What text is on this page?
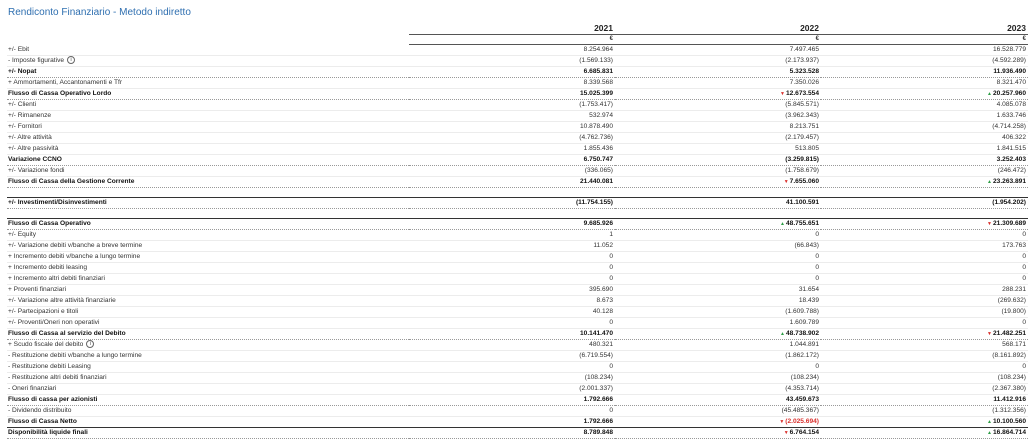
Rendiconto Finanziario - Metodo indiretto
	2021	2022	2023
	€	€	€
+/- Ebit	8.254.964	7.497.465	16.528.779
- Imposte figurative i	(1.569.133)	(2.173.937)	(4.592.289)
+/- Nopat	6.685.831	5.323.528	11.936.490
+ Ammortamenti, Accantonamenti e Tfr	8.339.568	7.350.026	8.321.470
Flusso di Cassa Operativo Lordo	15.025.399	▼ 12.673.554	▲ 20.257.960
+/- Clienti	(1.753.417)	(5.845.571)	4.085.078
+/- Rimanenze	532.974	(3.962.343)	1.633.746
+/- Fornitori	10.878.490	8.213.751	(4.714.258)
+/- Altre attività	(4.762.736)	(2.179.457)	406.322
+/- Altre passività	1.855.436	513.805	1.841.515
Variazione CCNO	6.750.747	(3.259.815)	3.252.403
+/- Variazione fondi	(336.065)	(1.758.679)	(246.472)
Flusso di Cassa della Gestione Corrente	21.440.081	▼ 7.655.060	▲ 23.263.891

+/- Investimenti/Disinvestimenti	(11.754.155)	41.100.591	(1.954.202)

Flusso di Cassa Operativo	9.685.926	▲ 48.755.651	▼ 21.309.689
+/- Equity	1	0	0
+/- Variazione debiti v/banche a breve termine	11.052	(66.843)	173.763
+ Incremento debiti v/banche a lungo termine	0	0	0
+ Incremento debiti leasing	0	0	0
+ Incremento altri debiti finanziari	0	0	0
+ Proventi finanziari	395.690	31.654	288.231
+/- Variazione altre attività finanziarie	8.673	18.439	(269.632)
+/- Partecipazioni e titoli	40.128	(1.609.788)	(19.800)
+/- Proventi/Oneri non operativi	0	1.609.789	0
Flusso di Cassa al servizio del Debito	10.141.470	▲ 48.738.902	▼ 21.482.251
+ Scudo fiscale del debito i	480.321	1.044.891	568.171
- Restituzione debiti v/banche a lungo termine	(6.719.554)	(1.862.172)	(8.161.892)
- Restituzione debiti Leasing	0	0	0
- Restituzione altri debiti finanziari	(108.234)	(108.234)	(108.234)
- Oneri finanziari	(2.001.337)	(4.353.714)	(2.367.380)
Flusso di cassa per azionisti	1.792.666	43.459.673	11.412.916
- Dividendo distribuito	0	(45.485.367)	(1.312.356)
Flusso di Cassa Netto	1.792.666	▼ (2.025.694)	▲ 10.100.560
Disponibilità liquide finali	8.789.848	▼ 6.764.154	▲ 16.864.714
